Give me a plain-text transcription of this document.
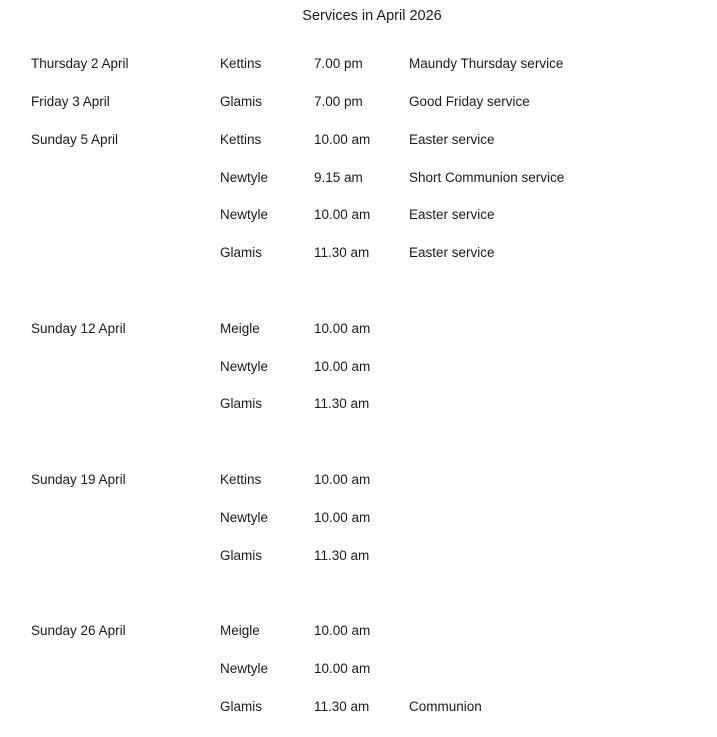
Services in April 2026
Thursday 2 April	Kettins	7.00 pm	Maundy Thursday service
Friday 3 April	Glamis	7.00 pm	Good Friday service
Sunday 5 April	Kettins	10.00 am	Easter service
Newtyle	9.15 am	Short Communion service
Newtyle	10.00 am	Easter service
Glamis	11.30 am	Easter service
Sunday 12 April	Meigle	10.00 am
Newtyle	10.00 am
Glamis	11.30 am
Sunday 19 April	Kettins	10.00 am
Newtyle	10.00 am
Glamis	11.30 am
Sunday 26 April	Meigle	10.00 am
Newtyle	10.00 am
Glamis	11.30 am	Communion
